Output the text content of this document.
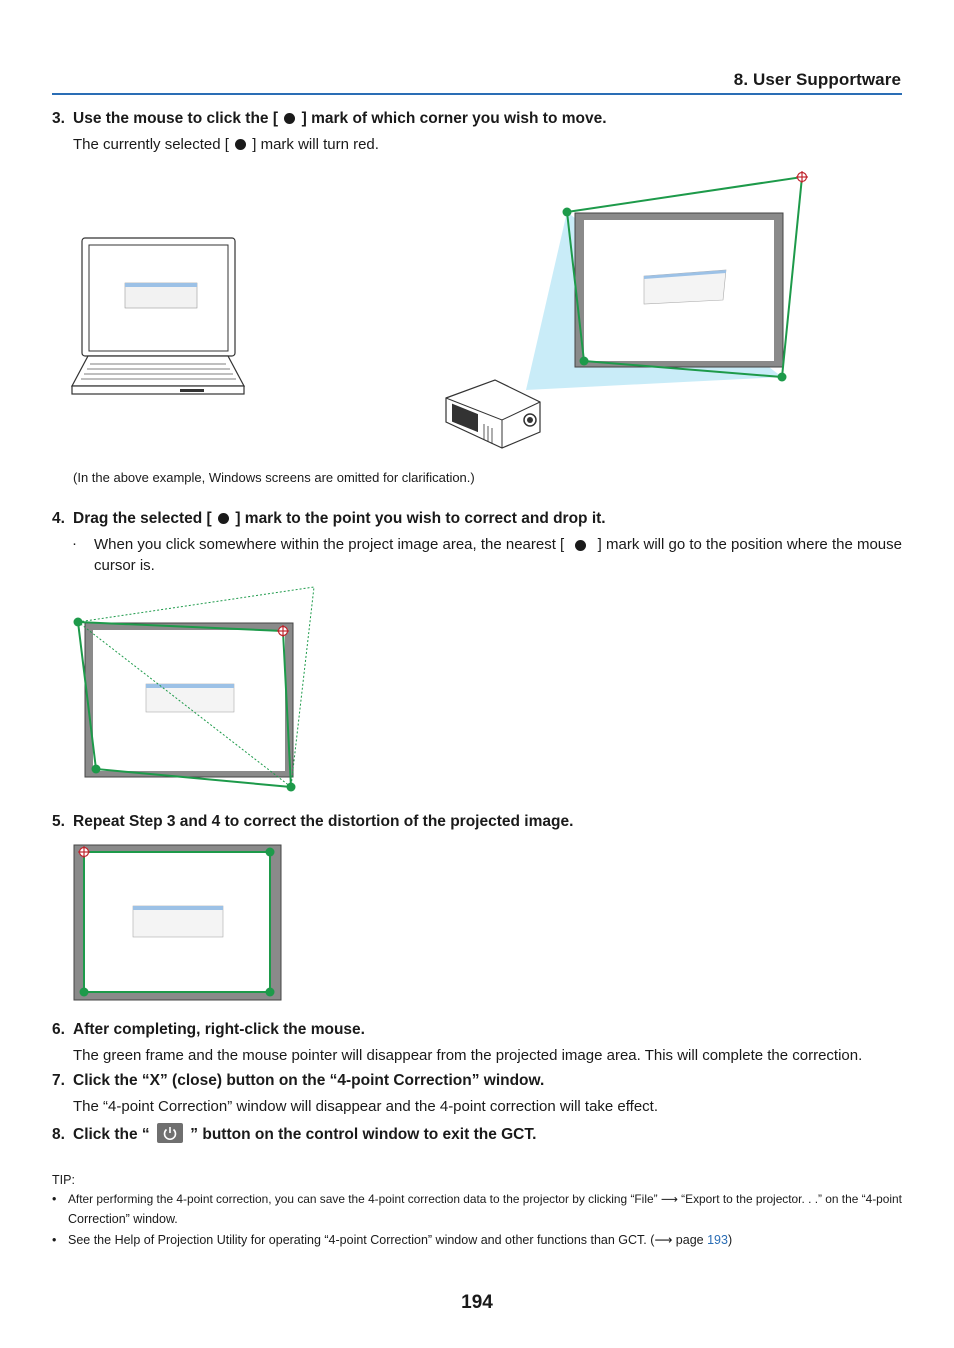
8. User Supportware
3. Use the mouse to click the [ ] mark of which corner you wish to move.
The currently selected [ ] mark will turn red.
(In the above example, Windows screens are omitted for clarification.)
4. Drag the selected [ ] mark to the point you wish to correct and drop it.
· When you click somewhere within the project image area, the nearest [ ] mark will go to the position where the mouse
cursor is.
5. Repeat Step 3 and 4 to correct the distortion of the projected image.
6. After completing, right-click the mouse.
The green frame and the mouse pointer will disappear from the projected image area. This will complete the correction.
7. Click the “X” (close) button on the “4-point Correction” window.
The “4-point Correction” window will disappear and the 4-point correction will take effect.
8. Click the “	” button on the control window to exit the GCT.
TIP:
• After performing the 4-point correction, you can save the 4-point correction data to the projector by clicking “File” ⟶ “Export to the projector. . .” on the “4-point
Correction” window.
• See the Help of Projection Utility for operating “4-point Correction” window and other functions than GCT. (⟶ page 193)
194
